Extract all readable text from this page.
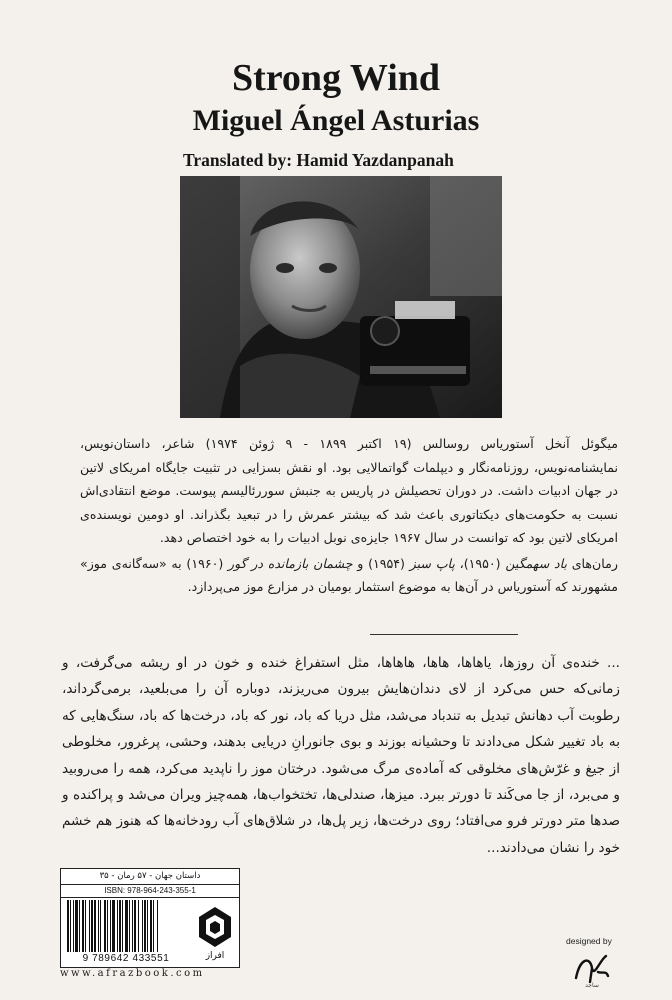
Strong Wind
Miguel Ángel Asturias
Translated by: Hamid Yazdanpanah

میگوئل آنخل آستوریاس روسالس (۱۹ اکتبر ۱۸۹۹ - ۹ ژوئن ۱۹۷۴) شاعر، داستان‌نویس، نمایشنامه‌نویس، روزنامه‌نگار و دیپلمات گواتمالایی بود. او نقش بسزایی در تثبیت جایگاه امریکای لاتین در جهان ادبیات داشت. در دوران تحصیلش در پاریس به جنبش سوررئالیسم پیوست. موضع انتقادی‌اش نسبت به حکومت‌های دیکتاتوری باعث شد که بیشتر عمرش را در تبعید بگذراند. او دومین نویسنده‌ی امریکای لاتین بود که توانست در سال ۱۹۶۷ جایزه‌ی نوبل ادبیات را به خود اختصاص دهد.

رمان‌های باد سهمگین (۱۹۵۰)، پاپ سبز (۱۹۵۴) و چشمان بازمانده در گور (۱۹۶۰) به «سه‌گانه‌ی موز» مشهورند که آستوریاس در آن‌ها به موضوع استثمار بومیان در مزارع موز می‌پردازد.

... خنده‌ی آن روزها، یاهاها، هاها، هاهاها، مثل استفراغ خنده و خون در او ریشه می‌گرفت، و زمانی‌که حس می‌کرد از لای دندان‌هایش بیرون می‌ریزند، دوباره آن را می‌بلعید، برمی‌گرداند، رطوبت آب دهانش تبدیل به تندباد می‌شد، مثل دریا که باد، نور که باد، درخت‌ها که باد، سنگ‌هایی که به باد تغییر شکل می‌دادند تا وحشیانه بوزند و بوی جانورانِ دریایی بدهند، وحشی، پرغرور، مخلوطی از جیغ و غرّش‌های مخلوقی که آماده‌ی مرگ می‌شود. درختان موز را ناپدید می‌کرد، همه را می‌روبید و می‌برد، از جا می‌کَند تا دورتر ببرد. میزها، صندلی‌ها، تختخواب‌ها، همه‌چیز ویران می‌شد و پراکنده و صدها متر دورتر فرو می‌افتاد؛ روی درخت‌ها، زیر پل‌ها، در شلاق‌های آب رودخانه‌ها که هنوز هم خشم خود را نشان می‌دادند...
داستان جهان - ۵۷ رمان - ۳۵
ISBN: 978-964-243-355-1
9 789642 433551	افراز
www.afrazbook.com
designed by
ساجد
